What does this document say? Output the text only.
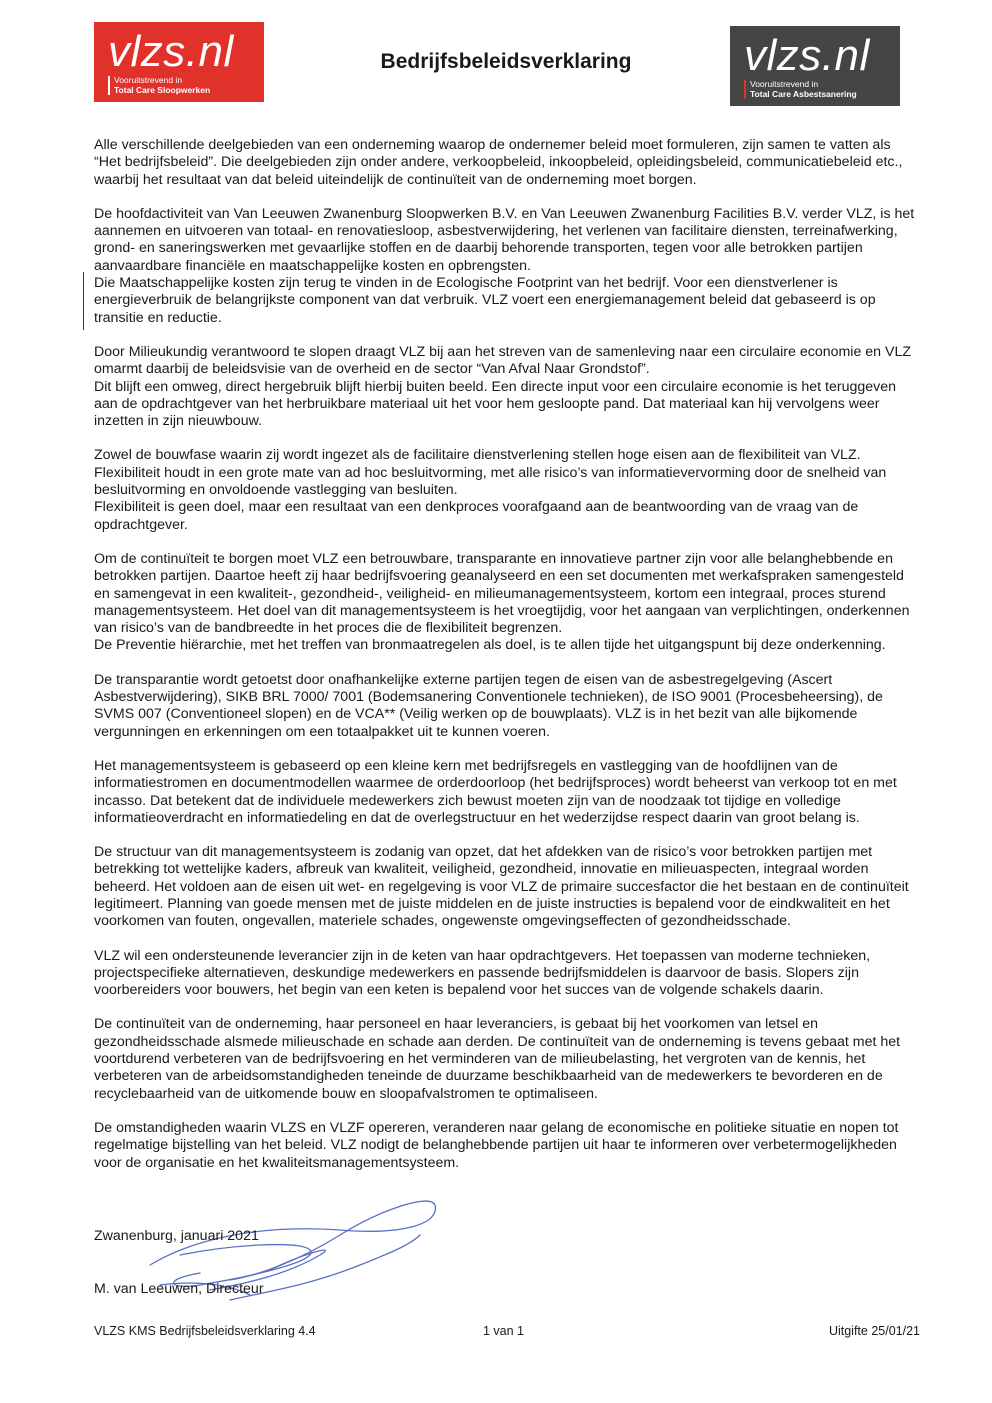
vlzs.nl
Vooruitstrevend in
Total Care Sloopwerken
Bedrijfsbeleidsverklaring	vlzs.nl
Vooruitstrevend in
Total Care Asbestsanering

Alle verschillende deelgebieden van een onderneming waarop de ondernemer beleid moet formuleren, zijn samen te vatten als “Het bedrijfsbeleid”. Die deelgebieden zijn onder andere, verkoopbeleid, inkoopbeleid, opleidingsbeleid, communicatiebeleid etc., waarbij het resultaat van dat beleid uiteindelijk de continuïteit van de onderneming moet borgen.

De hoofdactiviteit van Van Leeuwen Zwanenburg Sloopwerken B.V. en Van Leeuwen Zwanenburg Facilities B.V. verder VLZ, is het aannemen en uitvoeren van totaal- en renovatiesloop, asbestverwijdering, het verlenen van facilitaire diensten, terreinafwerking, grond- en saneringswerken met gevaarlijke stoffen en de daarbij behorende transporten, tegen voor alle betrokken partijen aanvaardbare financiële en maatschappelijke kosten en opbrengsten.

Die Maatschappelijke kosten zijn terug te vinden in de Ecologische Footprint van het bedrijf. Voor een dienstverlener is energieverbruik de belangrijkste component van dat verbruik. VLZ voert een energiemanagement beleid dat gebaseerd is op transitie en reductie.

Door Milieukundig verantwoord te slopen draagt VLZ bij aan het streven van de samenleving naar een circulaire economie en VLZ omarmt daarbij de beleidsvisie van de overheid en de sector “Van Afval Naar Grondstof”.

Dit blijft een omweg, direct hergebruik blijft hierbij buiten beeld. Een directe input voor een circulaire economie is het teruggeven aan de opdrachtgever van het herbruikbare materiaal uit het voor hem gesloopte pand. Dat materiaal kan hij vervolgens weer inzetten in zijn nieuwbouw.

Zowel de bouwfase waarin zij wordt ingezet als de facilitaire dienstverlening stellen hoge eisen aan de flexibiliteit van VLZ. Flexibiliteit houdt in een grote mate van ad hoc besluitvorming, met alle risico’s van informatievervorming door de snelheid van besluitvorming en onvoldoende vastlegging van besluiten.

Flexibiliteit is geen doel, maar een resultaat van een denkproces voorafgaand aan de beantwoording van de vraag van de opdrachtgever.

Om de continuïteit te borgen moet VLZ een betrouwbare, transparante en innovatieve partner zijn voor alle belanghebbende en betrokken partijen. Daartoe heeft zij haar bedrijfsvoering geanalyseerd en een set documenten met werkafspraken samengesteld en samengevat in een kwaliteit-, gezondheid-, veiligheid- en milieumanagementsysteem, kortom een integraal, proces sturend managementsysteem. Het doel van dit managementsysteem is het vroegtijdig, voor het aangaan van verplichtingen, onderkennen van risico’s van de bandbreedte in het proces die de flexibiliteit begrenzen.

De Preventie hiërarchie, met het treffen van bronmaatregelen als doel, is te allen tijde het uitgangspunt bij deze onderkenning.

De transparantie wordt getoetst door onafhankelijke externe partijen tegen de eisen van de asbestregelgeving (Ascert Asbestverwijdering), SIKB BRL 7000/ 7001 (Bodemsanering Conventionele technieken), de ISO 9001 (Procesbeheersing), de SVMS 007 (Conventioneel slopen) en de VCA** (Veilig werken op de bouwplaats). VLZ is in het bezit van alle bijkomende vergunningen en erkenningen om een totaalpakket uit te kunnen voeren.

Het managementsysteem is gebaseerd op een kleine kern met bedrijfsregels en vastlegging van de hoofdlijnen van de informatiestromen en documentmodellen waarmee de orderdoorloop (het bedrijfsproces) wordt beheerst van verkoop tot en met incasso. Dat betekent dat de individuele medewerkers zich bewust moeten zijn van de noodzaak tot tijdige en volledige informatieoverdracht en informatiedeling en dat de overlegstructuur en het wederzijdse respect daarin van groot belang is.

De structuur van dit managementsysteem is zodanig van opzet, dat het afdekken van de risico’s voor betrokken partijen met betrekking tot wettelijke kaders, afbreuk van kwaliteit, veiligheid, gezondheid, innovatie en milieuaspecten, integraal worden beheerd. Het voldoen aan de eisen uit wet- en regelgeving is voor VLZ de primaire succesfactor die het bestaan en de continuïteit legitimeert. Planning van goede mensen met de juiste middelen en de juiste instructies is bepalend voor de eindkwaliteit en het voorkomen van fouten, ongevallen, materiele schades, ongewenste omgevingseffecten of gezondheidsschade.

VLZ wil een ondersteunende leverancier zijn in de keten van haar opdrachtgevers. Het toepassen van moderne technieken, projectspecifieke alternatieven, deskundige medewerkers en passende bedrijfsmiddelen is daarvoor de basis. Slopers zijn voorbereiders voor bouwers, het begin van een keten is bepalend voor het succes van de volgende schakels daarin.

De continuïteit van de onderneming, haar personeel en haar leveranciers, is gebaat bij het voorkomen van letsel en gezondheidsschade alsmede milieuschade en schade aan derden. De continuïteit van de onderneming is tevens gebaat met het voortdurend verbeteren van de bedrijfsvoering en het verminderen van de milieubelasting, het vergroten van de kennis, het verbeteren van de arbeidsomstandigheden teneinde de duurzame beschikbaarheid van de medewerkers te bevorderen en de recyclebaarheid van de uitkomende bouw en sloopafvalstromen te optimaliseen.

De omstandigheden waarin VLZS en VLZF opereren, veranderen naar gelang de economische en politieke situatie en nopen tot regelmatige bijstelling van het beleid. VLZ nodigt de belanghebbende partijen uit haar te informeren over verbetermogelijkheden voor de organisatie en het kwaliteitsmanagementsysteem.

Zwanenburg, januari 2021
M. van Leeuwen, Directeur
VLZS KMS Bedrijfsbeleidsverklaring 4.4	1 van 1	Uitgifte 25/01/21
